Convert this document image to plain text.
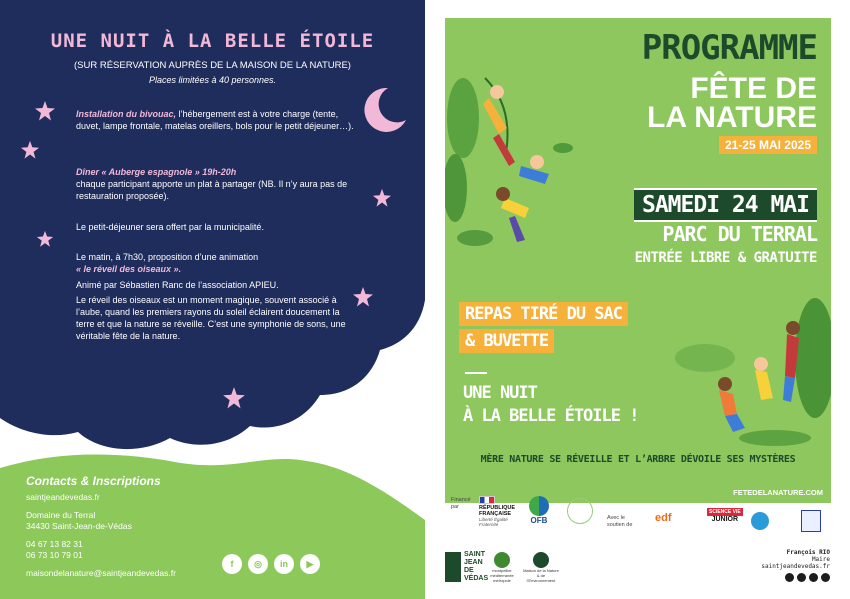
UNE NUIT À LA BELLE ÉTOILE
(SUR RÉSERVATION AUPRÈS DE LA MAISON DE LA NATURE)
Places limitées à 40 personnes.
Installation du bivouac, l’hébergement est à votre charge (tente, duvet, lampe frontale, matelas oreillers, bols pour le petit déjeuner…).
Dîner « Auberge espagnole » 19h-20h
chaque participant apporte un plat à partager (NB. Il n’y aura pas de restauration proposée).
Le petit-déjeuner sera offert par la municipalité.
Le matin, à 7h30, proposition d’une animation
« le réveil des oiseaux ».
Animé par Sébastien Ranc de l’association APIEU.
Le réveil des oiseaux est un moment magique, souvent associé à l’aube, quand les premiers rayons du soleil éclairent doucement la terre et que la nature se réveille. C’est une symphonie de sons, une véritable fête de la nature.
Contacts & Inscriptions
saintjeandevedas.fr
Domaine du Terral
34430 Saint-Jean-de-Védas
04 67 13 82 31
06 73 10 79 01
maisondelanature@saintjeandevedas.fr
f	◎	in	▶
PROGRAMME
FÊTE DE
LA NATURE
21-25 MAI 2025
SAMEDI 24 MAI
PARC DU TERRAL
ENTRÉE LIBRE & GRATUITE
REPAS TIRÉ DU SAC
& BUVETTE
UNE NUIT
À LA BELLE ÉTOILE !
MÈRE NATURE SE RÉVEILLE ET L’ARBRE DÉVOILE SES MYSTÈRES
FETEDELANATURE.COM
Financé par	RÉPUBLIQUE FRANÇAISE
Liberté Égalité Fraternité	OFB	Avec le soutien de
edf	SCIENCE VIE
JUNIOR
SAINT JEAN DE VÉDAS
montpellier méditerranée métropole
Maison de la Nature & de l’Environnement
François RIO
Maire
saintjeandevedas.fr
